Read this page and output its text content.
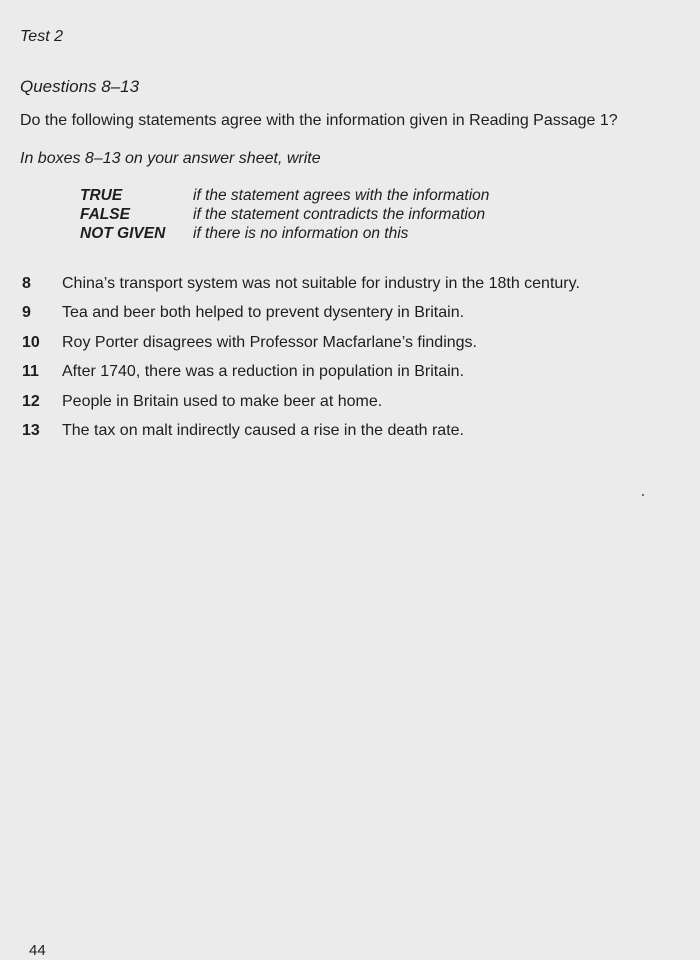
Test 2
Questions 8–13
Do the following statements agree with the information given in Reading Passage 1?
In boxes 8–13 on your answer sheet, write
TRUE	if the statement agrees with the information
FALSE	if the statement contradicts the information
NOT GIVEN	if there is no information on this
8	China’s transport system was not suitable for industry in the 18th century.
9	Tea and beer both helped to prevent dysentery in Britain.
10	Roy Porter disagrees with Professor Macfarlane’s findings.
11	After 1740, there was a reduction in population in Britain.
12	People in Britain used to make beer at home.
13	The tax on malt indirectly caused a rise in the death rate.
44
